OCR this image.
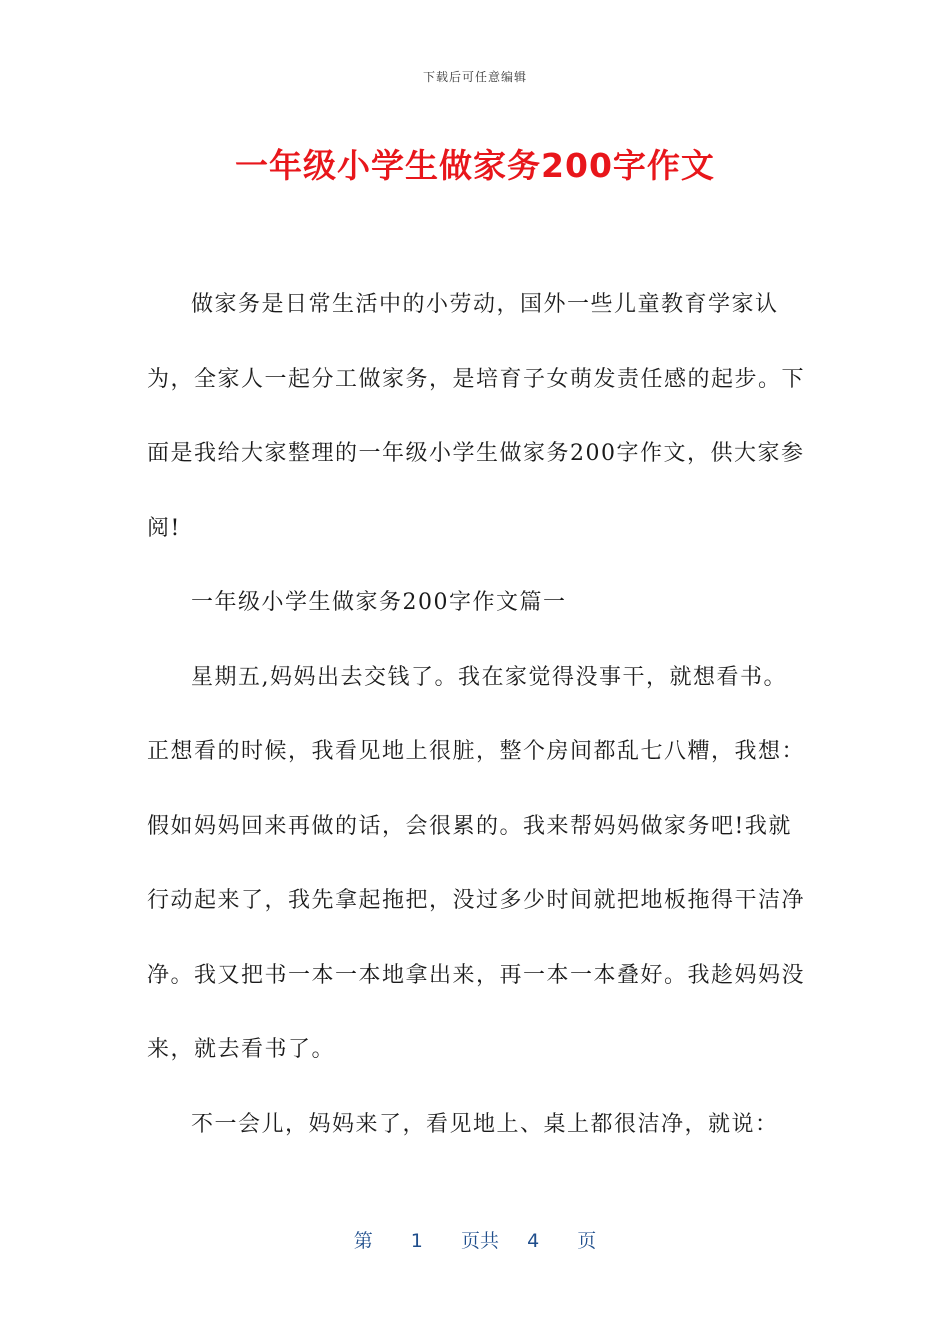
下载后可任意编辑
一年级小学生做家务200字作文

做家务是日常生活中的小劳动，国外一些儿童教育学家认为，全家人一起分工做家务，是培育子女萌发责任感的起步。下面是我给大家整理的一年级小学生做家务200字作文，供大家参阅!

一年级小学生做家务200字作文篇一

星期五,妈妈出去交钱了。我在家觉得没事干，就想看书。正想看的时候，我看见地上很脏，整个房间都乱七八糟，我想：假如妈妈回来再做的话，会很累的。我来帮妈妈做家务吧!我就行动起来了，我先拿起拖把，没过多少时间就把地板拖得干洁净净。我又把书一本一本地拿出来，再一本一本叠好。我趁妈妈没来，就去看书了。

不一会儿，妈妈来了，看见地上、桌上都很洁净，就说：

第 1 页共 4 页
